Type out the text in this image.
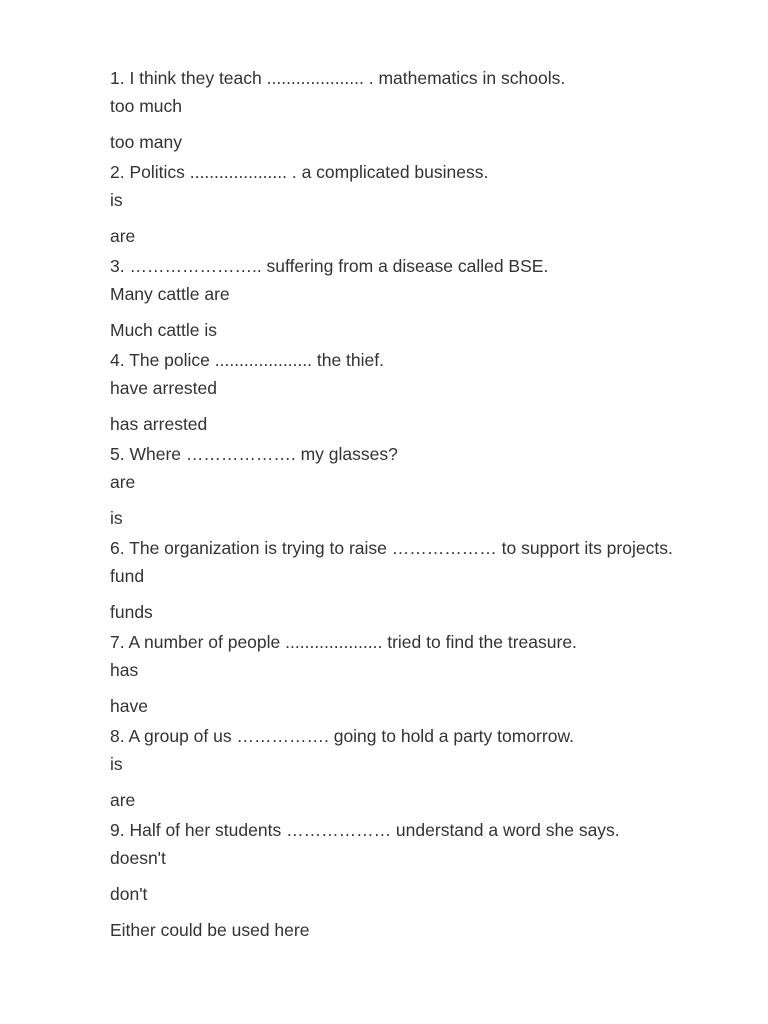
1. I think they teach .................... . mathematics in schools.
too much
too many
2. Politics .................... . a complicated business.
is
are
3. ………………….. suffering from a disease called BSE.
Many cattle are
Much cattle is
4. The police .................... the thief.
have arrested
has arrested
5. Where ………………. my glasses?
are
is
6. The organization is trying to raise ……………… to support its projects.
fund
funds
7. A number of people .................... tried to find the treasure.
has
have
8. A group of us ……………. going to hold a party tomorrow.
is
are
9. Half of her students ……………… understand a word she says.
doesn't
don't
Either could be used here
